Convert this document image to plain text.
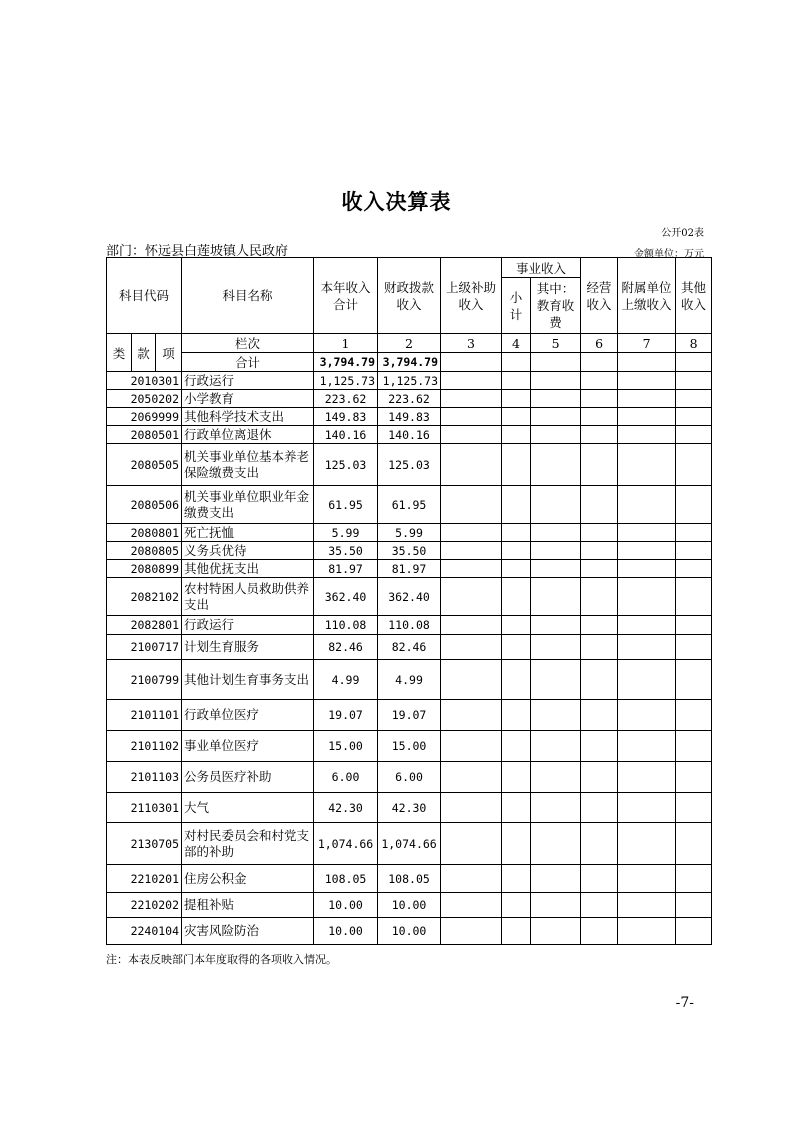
收入决算表
公开02表
部门：怀远县白莲坡镇人民政府	金额单位：万元
科目代码			科目名称	本年收入合计	财政拨款收入	上级补助收入	事业收入		经营收入	附属单位上缴收入	其他收入
							小计	其中：教育收费			
类	款	项	栏次	1	2	3	4	5	6	7	8
			合计	3,794.79	3,794.79						
2010301			行政运行	1,125.73	1,125.73						
2050202			小学教育	223.62	223.62						
2069999			其他科学技术支出	149.83	149.83						
2080501			行政单位离退休	140.16	140.16						
2080505			机关事业单位基本养老保险缴费支出	125.03	125.03						
2080506			机关事业单位职业年金缴费支出	61.95	61.95						
2080801			死亡抚恤	5.99	5.99						
2080805			义务兵优待	35.50	35.50						
2080899			其他优抚支出	81.97	81.97						
2082102			农村特困人员救助供养支出	362.40	362.40						
2082801			行政运行	110.08	110.08						
2100717			计划生育服务	82.46	82.46						
2100799			其他计划生育事务支出	4.99	4.99						
2101101			行政单位医疗	19.07	19.07						
2101102			事业单位医疗	15.00	15.00						
2101103			公务员医疗补助	6.00	6.00						
2110301			大气	42.30	42.30						
2130705			对村民委员会和村党支部的补助	1,074.66	1,074.66						
2210201			住房公积金	108.05	108.05						
2210202			提租补贴	10.00	10.00						
2240104			灾害风险防治	10.00	10.00						
注：本表反映部门本年度取得的各项收入情况。
-7-
